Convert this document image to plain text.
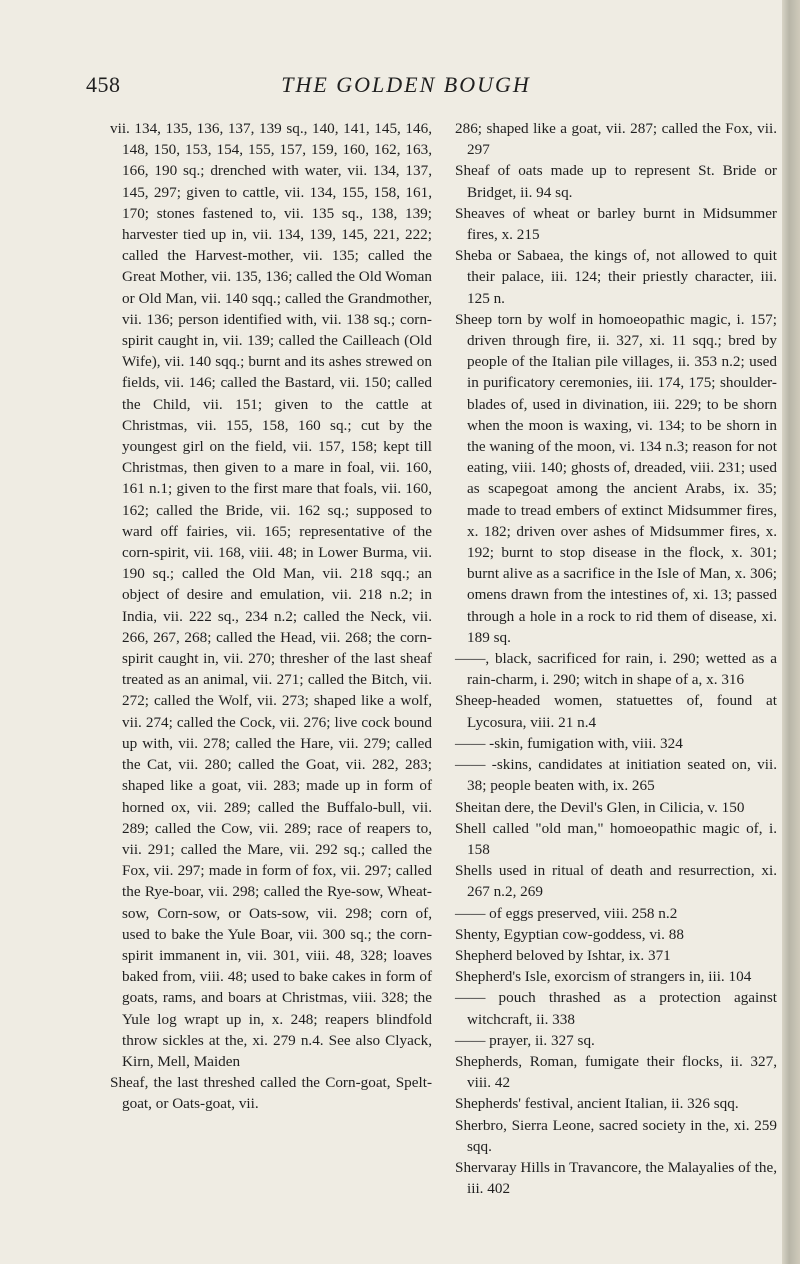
458	THE GOLDEN BOUGH

vii. 134, 135, 136, 137, 139 sq., 140, 141, 145, 146, 148, 150, 153, 154, 155, 157, 159, 160, 162, 163, 166, 190 sq.; drenched with water, vii. 134, 137, 145, 297; given to cattle, vii. 134, 155, 158, 161, 170; stones fastened to, vii. 135 sq., 138, 139; harvester tied up in, vii. 134, 139, 145, 221, 222; called the Harvest-mother, vii. 135; called the Great Mother, vii. 135, 136; called the Old Woman or Old Man, vii. 140 sqq.; called the Grandmother, vii. 136; person identified with, vii. 138 sq.; corn-spirit caught in, vii. 139; called the Cailleach (Old Wife), vii. 140 sqq.; burnt and its ashes strewed on fields, vii. 146; called the Bastard, vii. 150; called the Child, vii. 151; given to the cattle at Christmas, vii. 155, 158, 160 sq.; cut by the youngest girl on the field, vii. 157, 158; kept till Christmas, then given to a mare in foal, vii. 160, 161 n.1; given to the first mare that foals, vii. 160, 162; called the Bride, vii. 162 sq.; supposed to ward off fairies, vii. 165; representative of the corn-spirit, vii. 168, viii. 48; in Lower Burma, vii. 190 sq.; called the Old Man, vii. 218 sqq.; an object of desire and emulation, vii. 218 n.2; in India, vii. 222 sq., 234 n.2; called the Neck, vii. 266, 267, 268; called the Head, vii. 268; the corn-spirit caught in, vii. 270; thresher of the last sheaf treated as an animal, vii. 271; called the Bitch, vii. 272; called the Wolf, vii. 273; shaped like a wolf, vii. 274; called the Cock, vii. 276; live cock bound up with, vii. 278; called the Hare, vii. 279; called the Cat, vii. 280; called the Goat, vii. 282, 283; shaped like a goat, vii. 283; made up in form of horned ox, vii. 289; called the Buffalo-bull, vii. 289; called the Cow, vii. 289; race of reapers to, vii. 291; called the Mare, vii. 292 sq.; called the Fox, vii. 297; made in form of fox, vii. 297; called the Rye-boar, vii. 298; called the Rye-sow, Wheat-sow, Corn-sow, or Oats-sow, vii. 298; corn of, used to bake the Yule Boar, vii. 300 sq.; the corn-spirit immanent in, vii. 301, viii. 48, 328; loaves baked from, viii. 48; used to bake cakes in form of goats, rams, and boars at Christmas, viii. 328; the Yule log wrapt up in, x. 248; reapers blindfold throw sickles at the, xi. 279 n.4. See also Clyack, Kirn, Mell, Maiden

Sheaf, the last threshed called the Corn-goat, Spelt-goat, or Oats-goat, vii.

286; shaped like a goat, vii. 287; called the Fox, vii. 297

Sheaf of oats made up to represent St. Bride or Bridget, ii. 94 sq.

Sheaves of wheat or barley burnt in Midsummer fires, x. 215

Sheba or Sabaea, the kings of, not allowed to quit their palace, iii. 124; their priestly character, iii. 125 n.

Sheep torn by wolf in homoeopathic magic, i. 157; driven through fire, ii. 327, xi. 11 sqq.; bred by people of the Italian pile villages, ii. 353 n.2; used in purificatory ceremonies, iii. 174, 175; shoulder-blades of, used in divination, iii. 229; to be shorn when the moon is waxing, vi. 134; to be shorn in the waning of the moon, vi. 134 n.3; reason for not eating, viii. 140; ghosts of, dreaded, viii. 231; used as scapegoat among the ancient Arabs, ix. 35; made to tread embers of extinct Midsummer fires, x. 182; driven over ashes of Midsummer fires, x. 192; burnt to stop disease in the flock, x. 301; burnt alive as a sacrifice in the Isle of Man, x. 306; omens drawn from the intestines of, xi. 13; passed through a hole in a rock to rid them of disease, xi. 189 sq.

——, black, sacrificed for rain, i. 290; wetted as a rain-charm, i. 290; witch in shape of a, x. 316

Sheep-headed women, statuettes of, found at Lycosura, viii. 21 n.4

—— -skin, fumigation with, viii. 324

—— -skins, candidates at initiation seated on, vii. 38; people beaten with, ix. 265

Sheitan dere, the Devil's Glen, in Cilicia, v. 150

Shell called "old man," homoeopathic magic of, i. 158

Shells used in ritual of death and resurrection, xi. 267 n.2, 269

—— of eggs preserved, viii. 258 n.2

Shenty, Egyptian cow-goddess, vi. 88

Shepherd beloved by Ishtar, ix. 371

Shepherd's Isle, exorcism of strangers in, iii. 104

—— pouch thrashed as a protection against witchcraft, ii. 338

—— prayer, ii. 327 sq.

Shepherds, Roman, fumigate their flocks, ii. 327, viii. 42

Shepherds' festival, ancient Italian, ii. 326 sqq.

Sherbro, Sierra Leone, sacred society in the, xi. 259 sqq.

Shervaray Hills in Travancore, the Malayalies of the, iii. 402
